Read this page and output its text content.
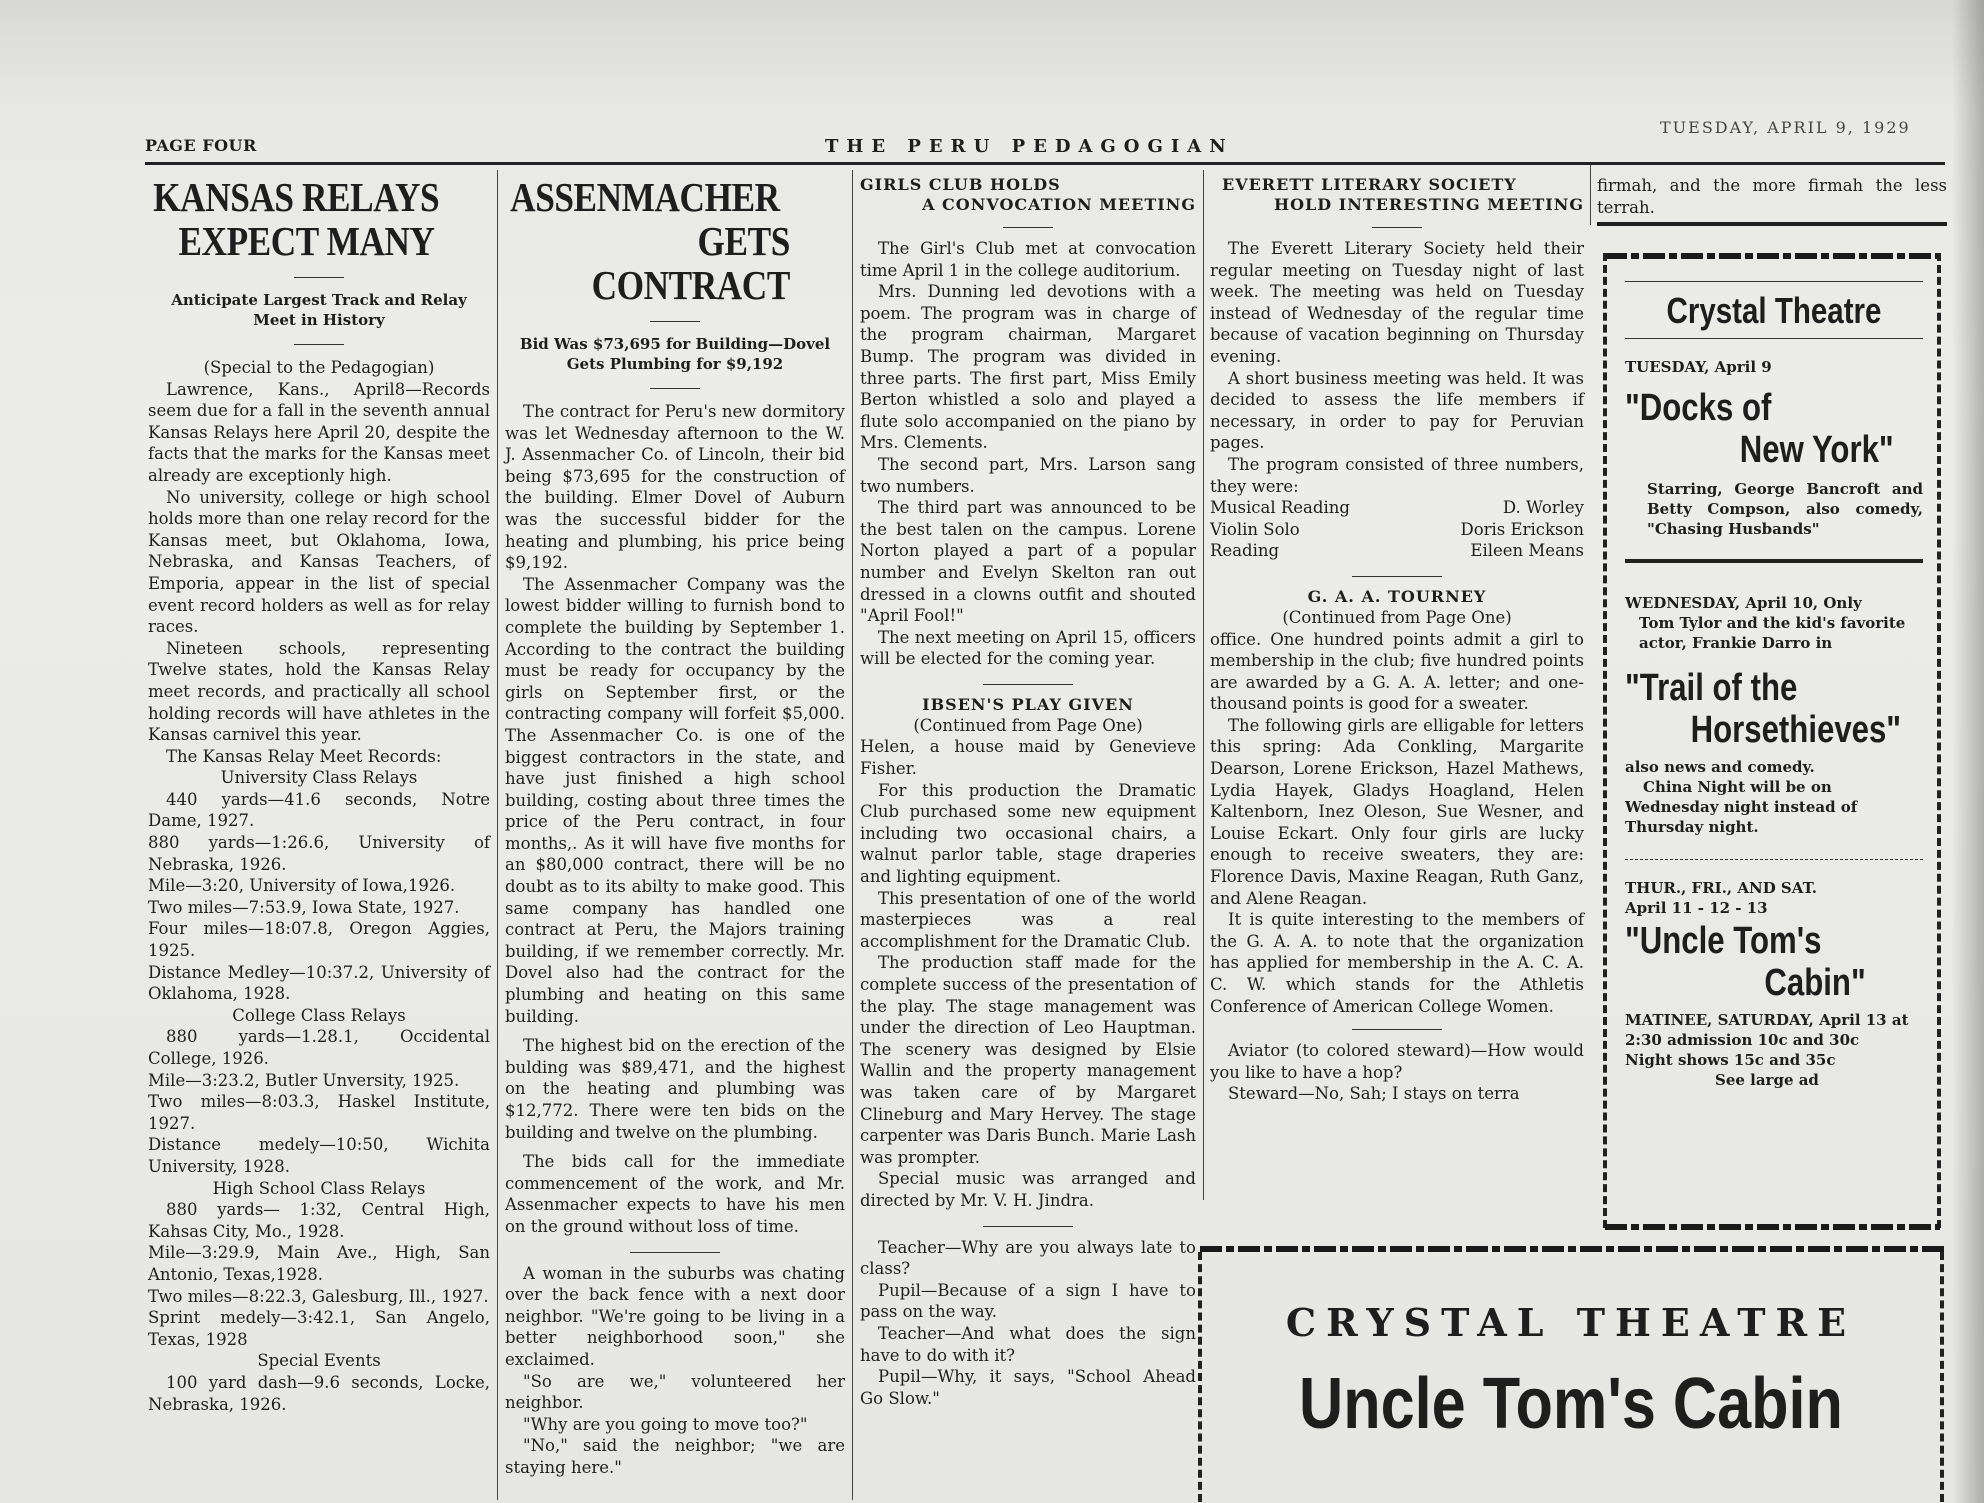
PAGE FOUR	THE PERU PEDAGOGIAN
TUESDAY, APRIL 9, 1929
KANSAS RELAYS
EXPECT MANY
Anticipate Largest Track and Relay Meet in History

(Special to the Pedagogian)

Lawrence, Kans., April8—Records seem due for a fall in the seventh annual Kansas Relays here April 20, despite the facts that the marks for the Kansas meet already are exceptionly high.

No university, college or high school holds more than one relay record for the Kansas meet, but Oklahoma, Iowa, Nebraska, and Kansas Teachers, of Emporia, appear in the list of special event record holders as well as for relay races.

Nineteen schools, representing Twelve states, hold the Kansas Relay meet records, and practically all school holding records will have athletes in the Kansas carnivel this year.

The Kansas Relay Meet Records:

University Class Relays

440 yards—41.6 seconds, Notre Dame, 1927.

880 yards—1:26.6, University of Nebraska, 1926.

Mile—3:20, University of Iowa,1926.

Two miles—7:53.9, Iowa State, 1927.

Four miles—18:07.8, Oregon Aggies, 1925.

Distance Medley—10:37.2, University of Oklahoma, 1928.

College Class Relays

880 yards—1.28.1, Occidental College, 1926.

Mile—3:23.2, Butler Unversity, 1925.

Two miles—8:03.3, Haskel Institute, 1927.

Distance medely—10:50, Wichita University, 1928.

High School Class Relays

880 yards— 1:32, Central High, Kahsas City, Mo., 1928.

Mile—3:29.9, Main Ave., High, San Antonio, Texas,1928.

Two miles—8:22.3, Galesburg, Ill., 1927.

Sprint medely—3:42.1, San Angelo, Texas, 1928

Special Events

100 yard dash—9.6 seconds, Locke, Nebraska, 1926.

ASSENMACHER
GETS CONTRACT
Bid Was $73,695 for Building—Dovel Gets Plumbing for $9,192

The contract for Peru's new dormitory was let Wednesday afternoon to the W. J. Assenmacher Co. of Lincoln, their bid being $73,695 for the construction of the building. Elmer Dovel of Auburn was the successful bidder for the heating and plumbing, his price being $9,192.

The Assenmacher Company was the lowest bidder willing to furnish bond to complete the building by September 1. According to the contract the building must be ready for occupancy by the girls on September first, or the contracting company will forfeit $5,000. The Assenmacher Co. is one of the biggest contractors in the state, and have just finished a high school building, costing about three times the price of the Peru contract, in four months,. As it will have five months for an $80,000 contract, there will be no doubt as to its abilty to make good. This same company has handled one contract at Peru, the Majors training building, if we remember correctly. Mr. Dovel also had the contract for the plumbing and heating on this same building.

The highest bid on the erection of the bulding was $89,471, and the highest on the heating and plumbing was $12,772. There were ten bids on the building and twelve on the plumbing.

The bids call for the immediate commencement of the work, and Mr. Assenmacher expects to have his men on the ground without loss of time.

A woman in the suburbs was chating over the back fence with a next door neighbor. "We're going to be living in a better neighborhood soon," she exclaimed.

"So are we," volunteered her neighbor.

"Why are you going to move too?"

"No," said the neighbor; "we are staying here."

GIRLS CLUB HOLDS
A CONVOCATION MEETING

The Girl's Club met at convocation time April 1 in the college auditorium.

Mrs. Dunning led devotions with a poem. The program was in charge of the program chairman, Margaret Bump. The program was divided in three parts. The first part, Miss Emily Berton whistled a solo and played a flute solo accompanied on the piano by Mrs. Clements.

The second part, Mrs. Larson sang two numbers.

The third part was announced to be the best talen on the campus. Lorene Norton played a part of a popular number and Evelyn Skelton ran out dressed in a clowns outfit and shouted "April Fool!"

The next meeting on April 15, officers will be elected for the coming year.

IBSEN'S PLAY GIVEN

(Continued from Page One)

Helen, a house maid by Genevieve Fisher.

For this production the Dramatic Club purchased some new equipment including two occasional chairs, a walnut parlor table, stage draperies and lighting equipment.

This presentation of one of the world masterpieces was a real accomplishment for the Dramatic Club.

The production staff made for the complete success of the presentation of the play. The stage management was under the direction of Leo Hauptman. The scenery was designed by Elsie Wallin and the property management was taken care of by Margaret Clineburg and Mary Hervey. The stage carpenter was Daris Bunch. Marie Lash was prompter.

Special music was arranged and directed by Mr. V. H. Jindra.

Teacher—Why are you always late to class?

Pupil—Because of a sign I have to pass on the way.

Teacher—And what does the sign have to do with it?

Pupil—Why, it says, "School Ahead Go Slow."

EVERETT LITERARY SOCIETY
HOLD INTERESTING MEETING

The Everett Literary Society held their regular meeting on Tuesday night of last week. The meeting was held on Tuesday instead of Wednesday of the regular time because of vacation beginning on Thursday evening.

A short business meeting was held. It was decided to assess the life members if necessary, in order to pay for Peruvian pages.

The program consisted of three numbers, they were:

Musical Reading	D. Worley
Violin Solo	Doris Erickson
Reading	Eileen Means

G. A. A. TOURNEY

(Continued from Page One)

office. One hundred points admit a girl to membership in the club; five hundred points are awarded by a G. A. A. letter; and one-thousand points is good for a sweater.

The following girls are elligable for letters this spring: Ada Conkling, Margarite Dearson, Lorene Erickson, Hazel Mathews, Lydia Hayek, Gladys Hoagland, Helen Kaltenborn, Inez Oleson, Sue Wesner, and Louise Eckart. Only four girls are lucky enough to receive sweaters, they are: Florence Davis, Maxine Reagan, Ruth Ganz, and Alene Reagan.

It is quite interesting to the members of the G. A. A. to note that the organization has applied for membership in the A. C. A. C. W. which stands for the Athletis Conference of American College Women.

Aviator (to colored steward)—How would you like to have a hop?

Steward—No, Sah; I stays on terra

firmah, and the more firmah the less terrah.

Crystal Theatre
TUESDAY, April 9
"Docks of
New York"
Starring, George Bancroft and Betty Compson, also comedy, "Chasing Husbands"
WEDNESDAY, April 10, Only
Tom Tylor and the kid's favorite actor, Frankie Darro in
"Trail of the
Horsethieves"
also news and comedy.
China Night will be on Wednesday night instead of Thursday night.
THUR., FRI., AND SAT.
April 11 - 12 - 13
"Uncle Tom's
Cabin"
MATINEE, SATURDAY, April 13 at 2:30 admission 10c and 30c
Night shows 15c and 35c
See large ad
CRYSTAL THEATRE
Uncle Tom's Cabin
